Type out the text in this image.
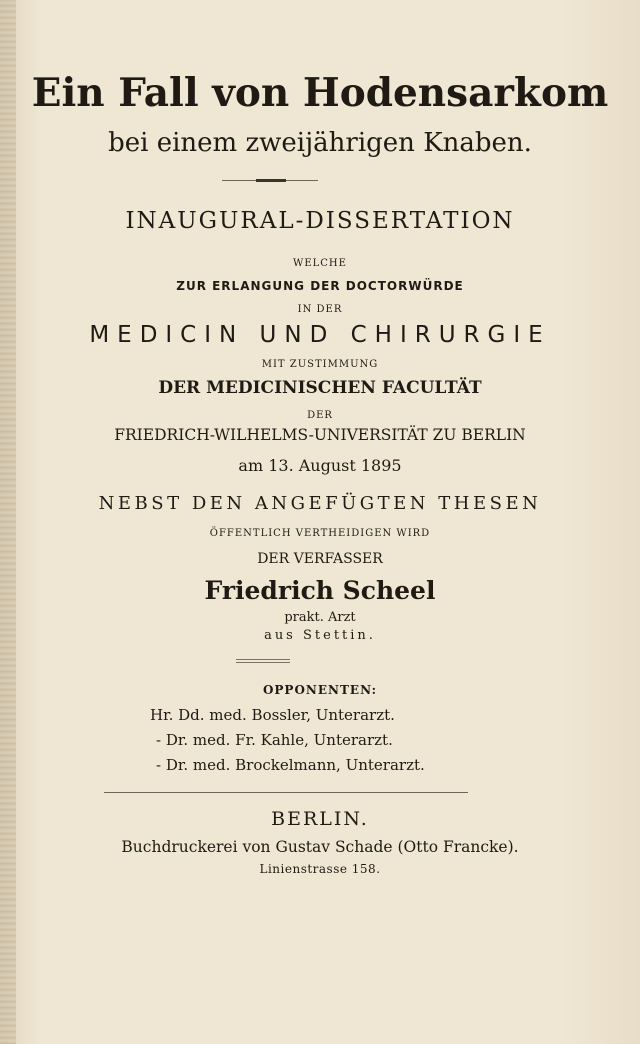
Ein Fall von Hodensarkom
bei einem zweijährigen Knaben.
INAUGURAL-DISSERTATION
WELCHE
ZUR ERLANGUNG DER DOCTORWÜRDE
IN DER
MEDICIN UND CHIRURGIE
MIT ZUSTIMMUNG
DER MEDICINISCHEN FACULTÄT
DER
FRIEDRICH-WILHELMS-UNIVERSITÄT ZU BERLIN
am 13. August 1895
NEBST DEN ANGEFÜGTEN THESEN
ÖFFENTLICH VERTHEIDIGEN WIRD
DER VERFASSER
Friedrich Scheel
prakt. Arzt
aus Stettin.
OPPONENTEN:
Hr. Dd. med. Bossler, Unterarzt.
- Dr. med. Fr. Kahle, Unterarzt.
- Dr. med. Brockelmann, Unterarzt.
BERLIN.
Buchdruckerei von Gustav Schade (Otto Francke).
Linienstrasse 158.
